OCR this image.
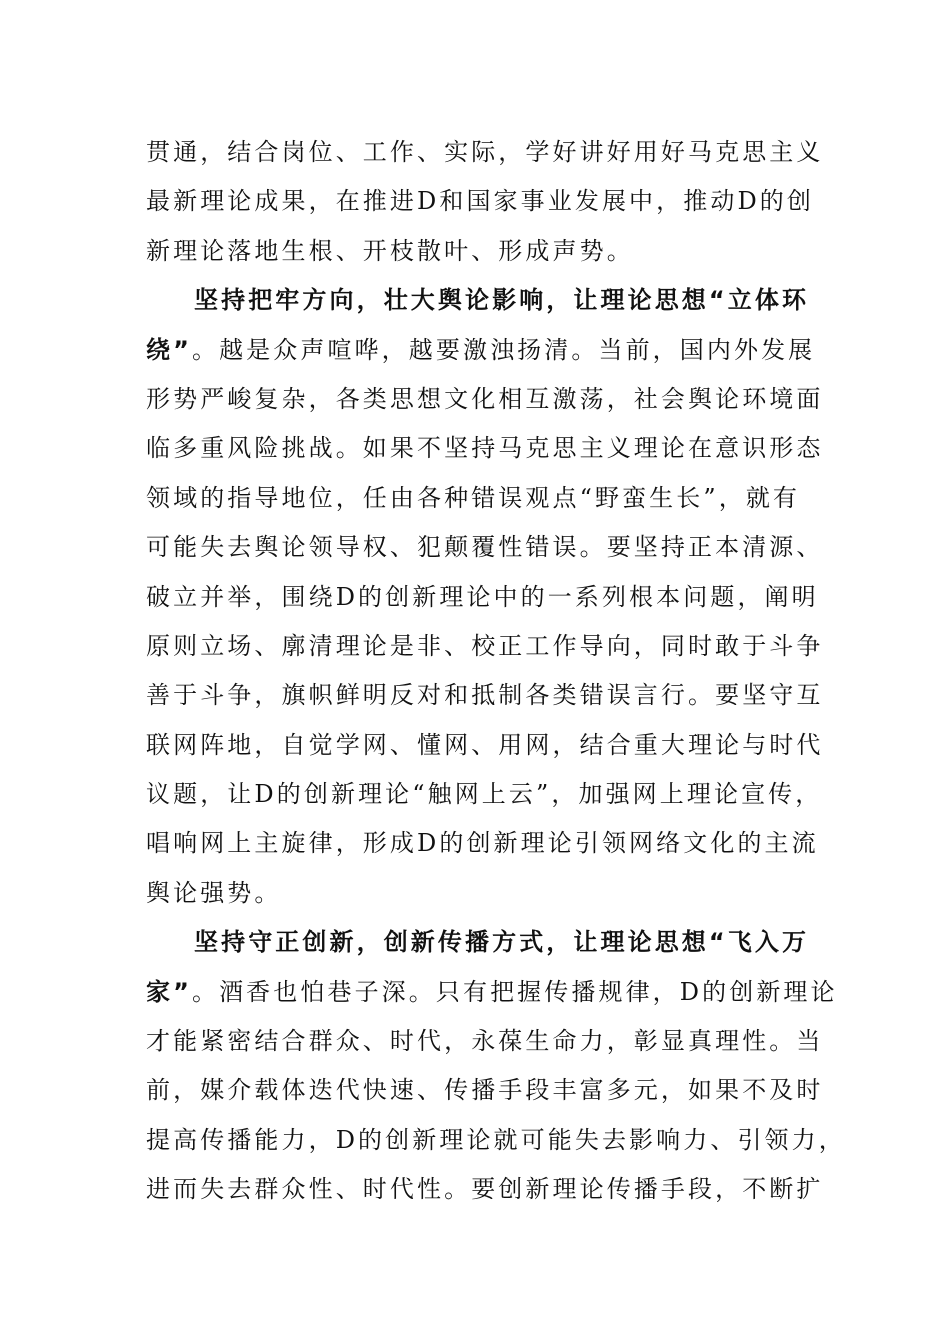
贯通，结合岗位、工作、实际，学好讲好用好马克思主义
最新理论成果，在推进D和国家事业发展中，推动D的创
新理论落地生根、开枝散叶、形成声势。
坚持把牢方向，壮大舆论影响，让理论思想“立体环
绕”。越是众声喧哗，越要激浊扬清。当前，国内外发展
形势严峻复杂，各类思想文化相互激荡，社会舆论环境面
临多重风险挑战。如果不坚持马克思主义理论在意识形态
领域的指导地位，任由各种错误观点“野蛮生长”，就有
可能失去舆论领导权、犯颠覆性错误。要坚持正本清源、
破立并举，围绕D的创新理论中的一系列根本问题，阐明
原则立场、廓清理论是非、校正工作导向，同时敢于斗争
善于斗争，旗帜鲜明反对和抵制各类错误言行。要坚守互
联网阵地，自觉学网、懂网、用网，结合重大理论与时代
议题，让D的创新理论“触网上云”，加强网上理论宣传，
唱响网上主旋律，形成D的创新理论引领网络文化的主流
舆论强势。
坚持守正创新，创新传播方式，让理论思想“飞入万
家”。酒香也怕巷子深。只有把握传播规律，D的创新理论
才能紧密结合群众、时代，永葆生命力，彰显真理性。当
前，媒介载体迭代快速、传播手段丰富多元，如果不及时
提高传播能力，D的创新理论就可能失去影响力、引领力，
进而失去群众性、时代性。要创新理论传播手段，不断扩
